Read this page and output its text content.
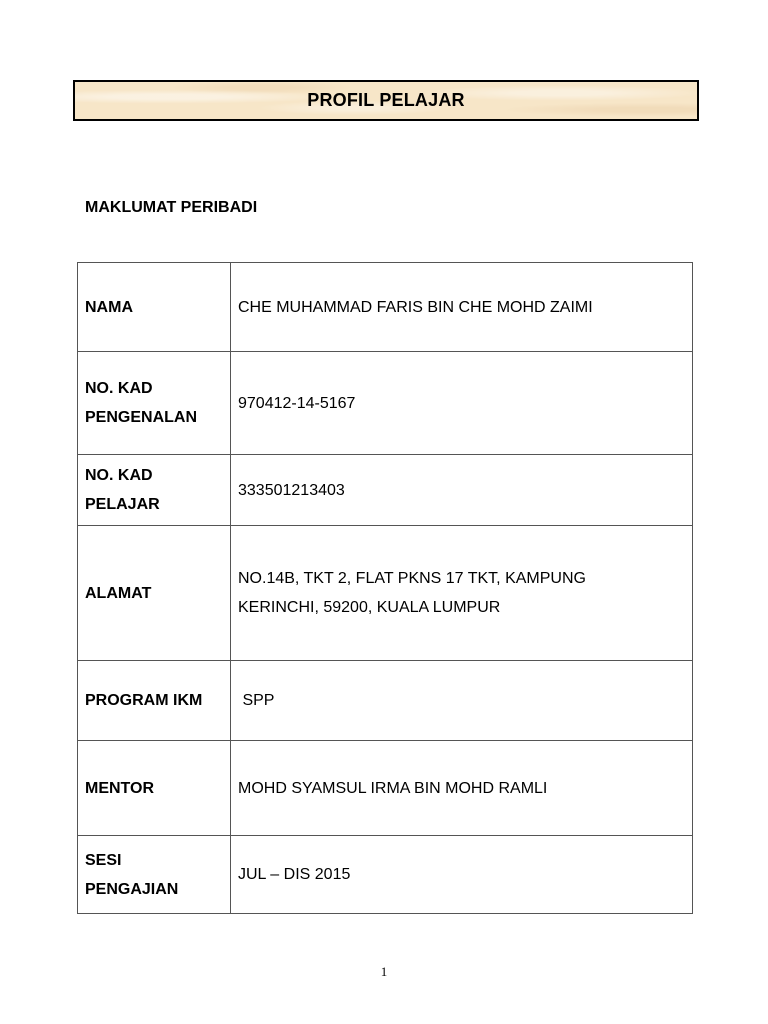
PROFIL PELAJAR
MAKLUMAT PERIBADI
NAMA	CHE MUHAMMAD FARIS BIN CHE MOHD ZAIMI

NO. KAD
PENGENALAN	970412-14-5167

NO. KAD
PELAJAR	333501213403

ALAMAT	NO.14B, TKT 2, FLAT PKNS 17 TKT, KAMPUNG
KERINCHI, 59200, KUALA LUMPUR

PROGRAM IKM	SPP

MENTOR	MOHD SYAMSUL IRMA BIN MOHD RAMLI

SESI
PENGAJIAN	JUL – DIS 2015
1
